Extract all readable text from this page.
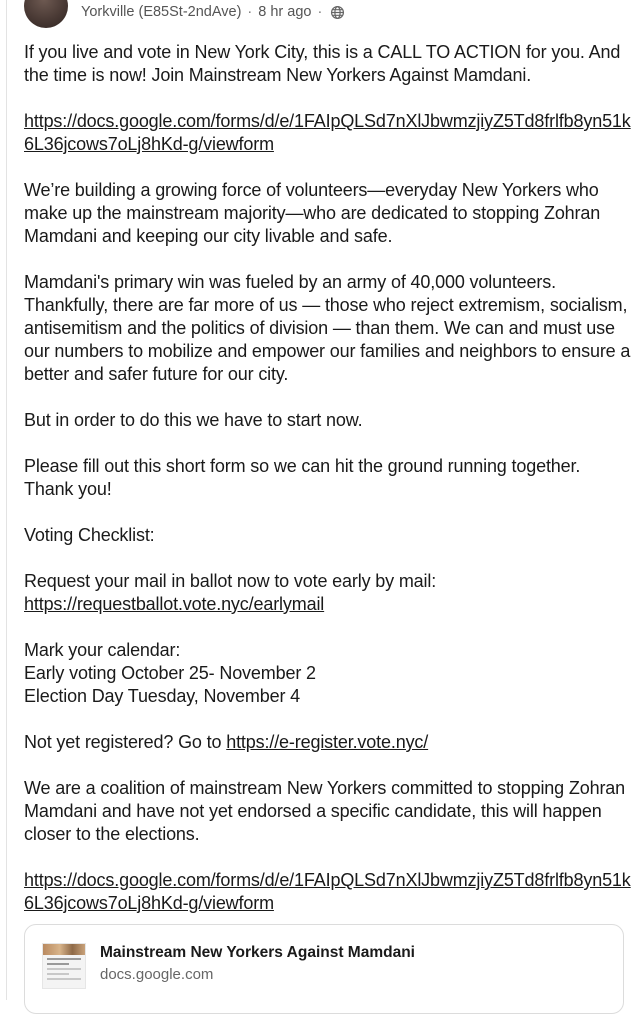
Yorkville (E85St-2ndAve) · 8 hr ago ·

If you live and vote in New York City, this is a CALL TO ACTION for you. And the time is now! Join Mainstream New Yorkers Against Mamdani.

https://docs.google.com/forms/d/e/1FAIpQLSd7nXlJbwmzjiyZ5Td8frlfb8yn51k6L36jcows7oLj8hKd-g/viewform

We’re building a growing force of volunteers—everyday New Yorkers who make up the mainstream majority—who are dedicated to stopping Zohran Mamdani and keeping our city livable and safe.

Mamdani's primary win was fueled by an army of 40,000 volunteers. Thankfully, there are far more of us — those who reject extremism, socialism, antisemitism and the politics of division — than them. We can and must use our numbers to mobilize and empower our families and neighbors to ensure a better and safer future for our city.

But in order to do this we have to start now.

Please fill out this short form so we can hit the ground running together. Thank you!

Voting Checklist:

Request your mail in ballot now to vote early by mail:
https://requestballot.vote.nyc/earlymail

Mark your calendar:
Early voting October 25- November 2
Election Day Tuesday, November 4

Not yet registered? Go to https://e-register.vote.nyc/

We are a coalition of mainstream New Yorkers committed to stopping Zohran Mamdani and have not yet endorsed a specific candidate, this will happen closer to the elections.

https://docs.google.com/forms/d/e/1FAIpQLSd7nXlJbwmzjiyZ5Td8frlfb8yn51k6L36jcows7oLj8hKd-g/viewform

Mainstream New Yorkers Against Mamdani
docs.google.com
